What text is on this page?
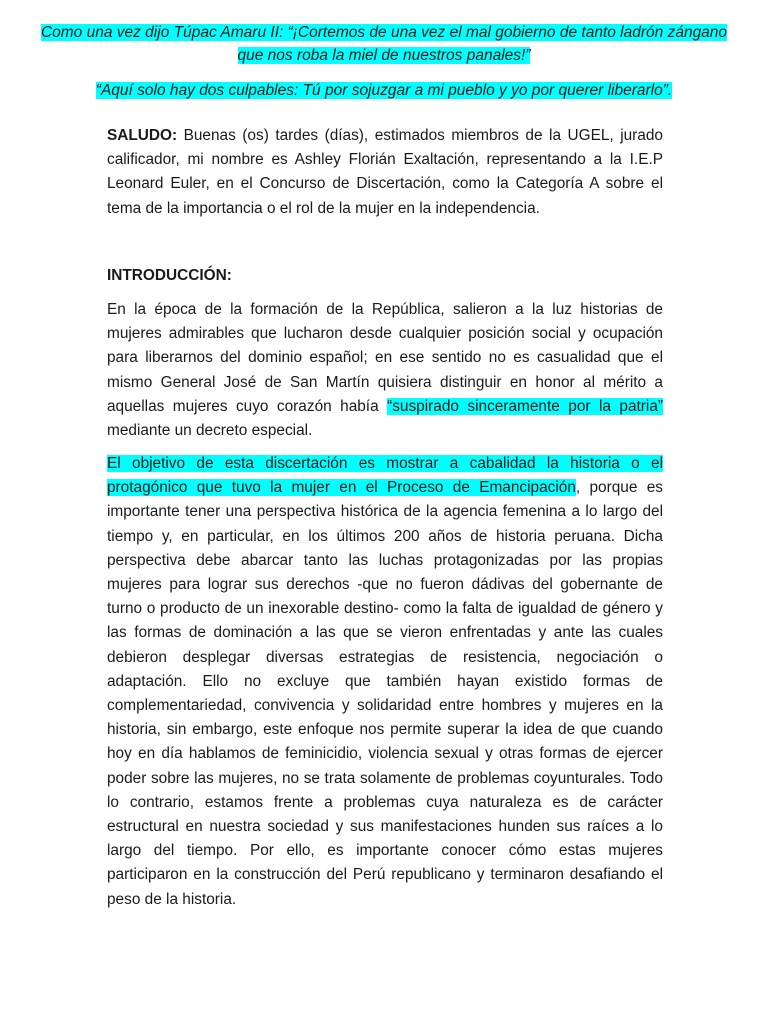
Como una vez dijo Túpac Amaru II: “¡Cortemos de una vez el mal gobierno de tanto ladrón zángano
que nos roba la miel de nuestros panales!”
“Aquí solo hay dos culpables: Tú por sojuzgar a mi pueblo y yo por querer liberarlo”.
SALUDO: Buenas (os) tardes (días), estimados miembros de la UGEL, jurado calificador, mi nombre es Ashley Florián Exaltación, representando a la I.E.P Leonard Euler, en el Concurso de Discertación, como la Categoría A sobre el tema de la importancia o el rol de la mujer en la independencia.
INTRODUCCIÓN:
En la época de la formación de la República, salieron a la luz historias de mujeres admirables que lucharon desde cualquier posición social y ocupación para liberarnos del dominio español; en ese sentido no es casualidad que el mismo General José de San Martín quisiera distinguir en honor al mérito a aquellas mujeres cuyo corazón había “suspirado sinceramente por la patria” mediante un decreto especial.
El objetivo de esta discertación es mostrar a cabalidad la historia o el protagónico que tuvo la mujer en el Proceso de Emancipación, porque es importante tener una perspectiva histórica de la agencia femenina a lo largo del tiempo y, en particular, en los últimos 200 años de historia peruana. Dicha perspectiva debe abarcar tanto las luchas protagonizadas por las propias mujeres para lograr sus derechos -que no fueron dádivas del gobernante de turno o producto de un inexorable destino- como la falta de igualdad de género y las formas de dominación a las que se vieron enfrentadas y ante las cuales debieron desplegar diversas estrategias de resistencia, negociación o adaptación. Ello no excluye que también hayan existido formas de complementariedad, convivencia y solidaridad entre hombres y mujeres en la historia, sin embargo, este enfoque nos permite superar la idea de que cuando hoy en día hablamos de feminicidio, violencia sexual y otras formas de ejercer poder sobre las mujeres, no se trata solamente de problemas coyunturales. Todo lo contrario, estamos frente a problemas cuya naturaleza es de carácter estructural en nuestra sociedad y sus manifestaciones hunden sus raíces a lo largo del tiempo. Por ello, es importante conocer cómo estas mujeres participaron en la construcción del Perú republicano y terminaron desafiando el peso de la historia.
